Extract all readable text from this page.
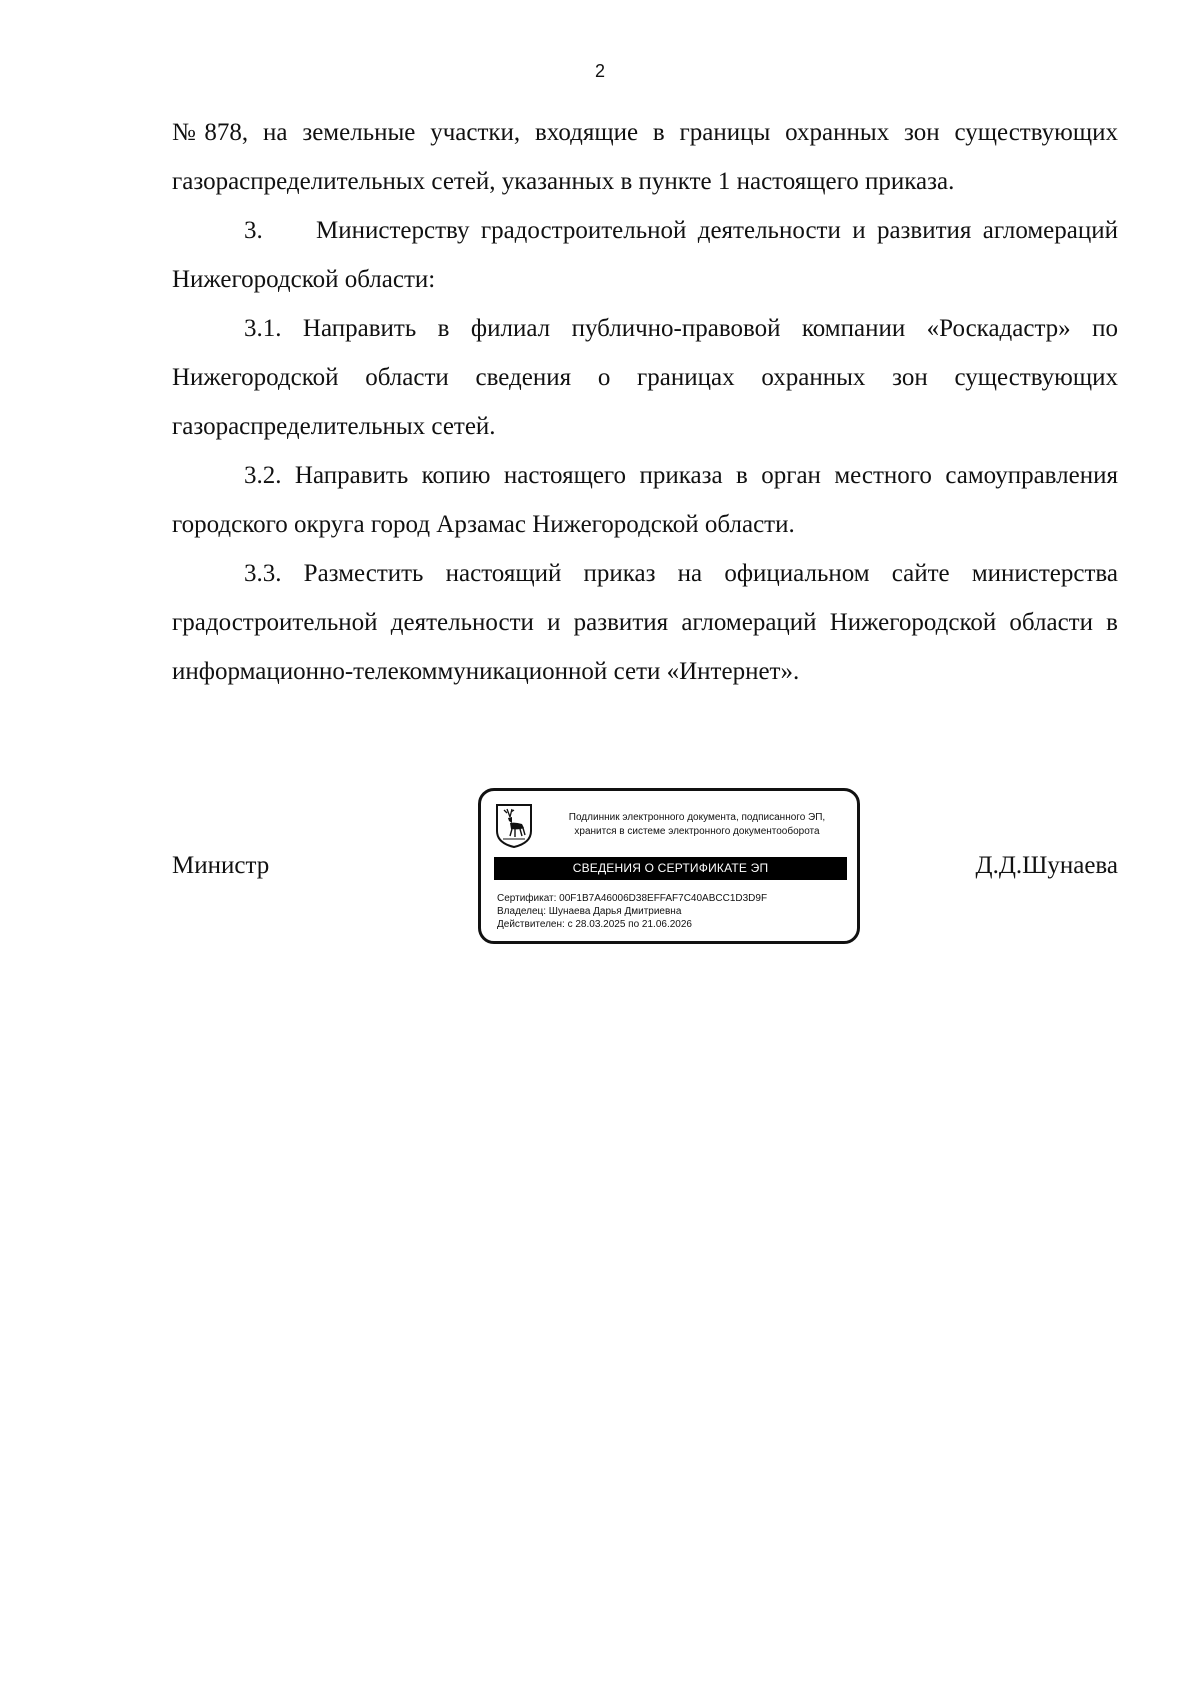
2

№878, на земельные участки, входящие в границы охранных зон существующих газораспределительных сетей, указанных в пункте 1 настоящего приказа.

3. Министерству градостроительной деятельности и развития агломераций Нижегородской области:

3.1. Направить в филиал публично-правовой компании «Роскадастр» по Нижегородской области сведения о границах охранных зон существующих газораспределительных сетей.

3.2. Направить копию настоящего приказа в орган местного самоуправления городского округа город Арзамас Нижегородской области.

3.3. Разместить настоящий приказ на официальном сайте министерства градостроительной деятельности и развития агломераций Нижегородской области в информационно-телекоммуникационной сети «Интернет».

Министр
Подлинник электронного документа, подписанного ЭП,
хранится в системе электронного документооборота
СВЕДЕНИЯ О СЕРТИФИКАТЕ ЭП
Сертификат: 00F1B7A46006D38EFFAF7C40ABCC1D3D9F
Владелец: Шунаева Дарья Дмитриевна
Действителен: с 28.03.2025 по 21.06.2026
Д.Д.Шунаева
